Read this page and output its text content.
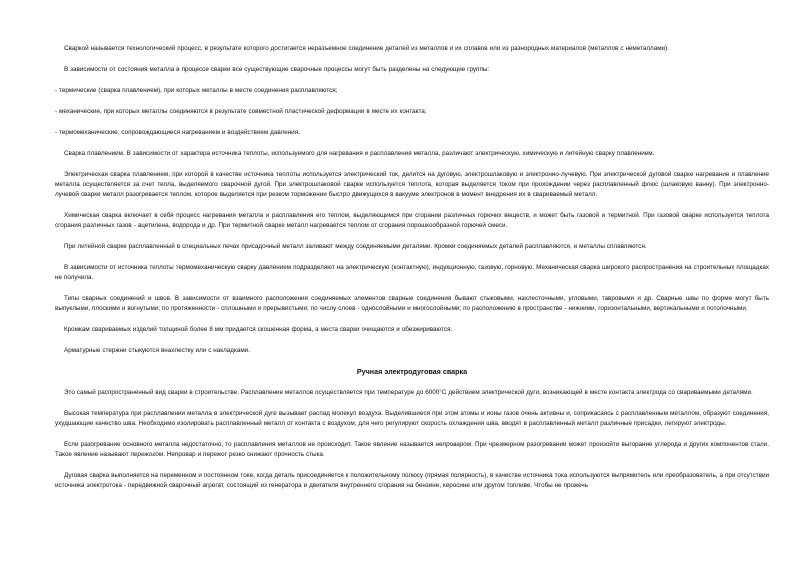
Сваркой называется технологический процесс, в результате которого достигается неразъемное соединение деталей из металлов и их сплавов или из разнородных материалов (металлов с неметаллами).

В зависимости от состояния металла в процессе сварки все существующие сварочные процессы могут быть разделены на следующие группы:

- термические (сварка плавлением), при которых металлы в месте соединения расплавляются;

- механические, при которых металлы соединяются в результате совместной пластической деформации в месте их контакта;

- термомеханические, сопровождающиеся нагреванием и воздействием давления.

Сварка плавлением. В зависимости от характера источника теплоты, используемого для нагревания и расплавления металла, различают электрическую, химическую и литейную сварку плавлением.

Электрическая сварка плавлением, при которой в качестве источника теплоты используется электрический ток, делится на дуговую, электрошлаковую и электронно-лучевую. При электрической дуговой сварке нагревание и плавление металла осуществляется за счет тепла, выделяемого сварочной дугой. При электрошлаковой сварке используется теплота, которая выделяется током при прохождении через расплавленный флюс (шлаковую ванну). При электронно-лучевой сварке металл разогревается теплом, которое выделяется при резком торможении быстро движущихся в вакууме электронов в момент внедрения их в свариваемый металл.

Химическая сварка включает в себя процесс нагревания металла и расплавления его теплом, выделяющимся при сгорании различных горючих веществ, и может быть газовой и термитной. При газовой сварке используется теплота сгорания различных газов - ацетилена, водорода и др. При термитной сварке металл нагревается теплом от сгорания порошкообразной горючей смеси.

При литейной сварке расплавленный в специальных печах присадочный металл заливают между соединяемыми деталями. Кромки соединяемых деталей расплавляются, и металлы сплавляются.

В зависимости от источника теплоты термомеханическую сварку давлением подразделяют на электрическую (контактную), индукционную, газовую, горновую. Механическая сварка широкого распространения на строительных площадках не получила.

Типы сварных соединений и швов. В зависимости от взаимного расположения соединяемых элементов сварные соединения бывают стыковыми, нахлесточными, угловыми, тавровыми и др. Сварные швы по форме могут быть выпуклыми, плоскими и вогнутыми; по протяженности - сплошными и прерывистыми; по числу слоев - однослойными и многослойными; по расположению в пространстве - нижними, горизонтальными, вертикальными и потолочными.

Кромкам свариваемых изделий толщиной более 8 мм придается скошенная форма, а места сварки очищаются и обезжириваются.

Арматурные стержни стыкуются внахлестку или с накладками.

Ручная электродуговая сварка

Это самый распространенный вид сварки в строительстве. Расплавление металлов осуществляется при температуре до 6000°С действием электрической дуги, возникающей в месте контакта электрода со свариваемыми деталями.

Высокая температура при расплавлении металла в электрической дуге вызывает распад молекул воздуха. Выделившиеся при этом атомы и ионы газов очень активны и, соприкасаясь с расплавленным металлом, образуют соединения, ухудшающие качество шва. Необходимо изолировать расплавленный металл от контакта с воздухом, для чего регулируют скорость охлаждения шва, вводят в расплавленный металл различные присадки, легируют электроды.

Если разогревание основного металла недостаточно, то расплавления металлов не происходит. Такое явление называется непроваром. При чрезмерном разогревании может произойти выгорание углерода и других компонентов стали. Такое явление называют пережогом. Непровар и пережог резко снижают прочность стыка.

Дуговая сварка выполняется на переменном и постоянном токе, когда деталь присоединяется к положительному полюсу (прямая полярность), в качестве источника тока используются выпрямитель или преобразователь, а при отсутствии источника электротока - передвижной сварочный агрегат, состоящий из генератора и двигателя внутреннего сгорания на бензине, керосине или другом топливе. Чтобы не прожечь
